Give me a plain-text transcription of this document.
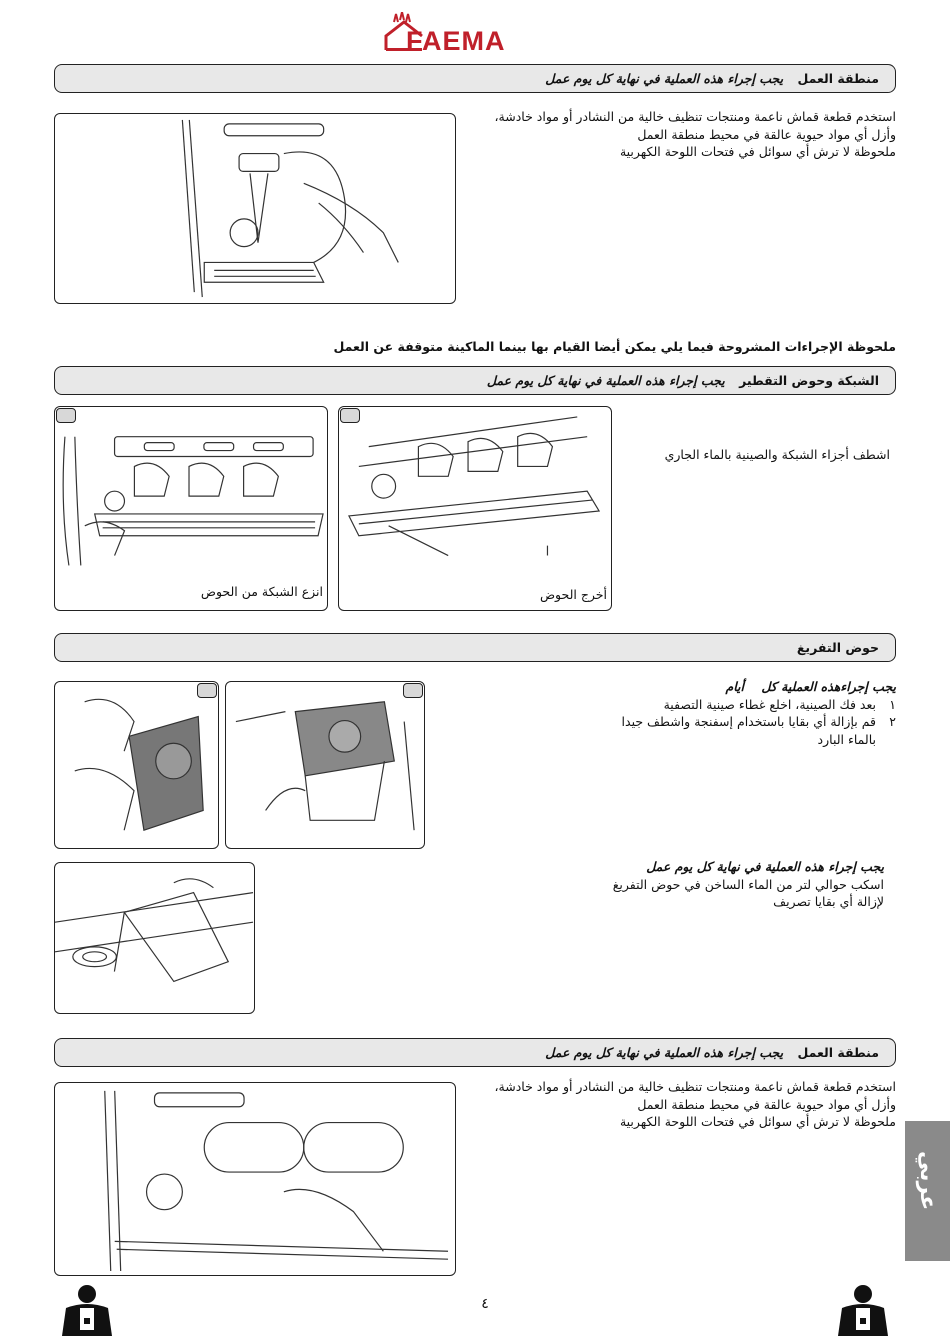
FAEMA
منطقة العمل يجب إجراء هذه العملية في نهاية كل يوم عمل
استخدم قطعة قماش ناعمة ومنتجات تنظيف خالية من النشادر أو مواد خادشة،
وأزل أي مواد حيوية عالقة في محيط منطقة العمل
ملحوظة لا ترش أي سوائل في فتحات اللوحة الكهربية
ملحوظة الإجراءات المشروحة فيما يلي يمكن أيضا القيام بها بينما الماكينة متوقفة عن العمل
الشبكة وحوض التقطير يجب إجراء هذه العملية في نهاية كل يوم عمل
انزع الشبكة من الحوض	أخرج الحوض
اشطف أجزاء الشبكة والصينية بالماء الجاري
حوض التفريغ
يجب إجراءهذه العملية كل    أيام
١
بعد فك الصينية، اخلع غطاء صينية التصفية
٢
قم بإزالة أي بقايا باستخدام إسفنجة واشطف جيدا
بالماء البارد
يجب إجراء هذه العملية في نهاية كل يوم عمل
اسكب حوالي لتر من الماء الساخن في حوض التفريغ
لإزالة أي بقايا تصريف
منطقة العمل يجب إجراء هذه العملية في نهاية كل يوم عمل
استخدم قطعة قماش ناعمة ومنتجات تنظيف خالية من النشادر أو مواد خادشة،
وأزل أي مواد حيوية عالقة في محيط منطقة العمل
ملحوظة لا ترش أي سوائل في فتحات اللوحة الكهربية
عربي
٤
